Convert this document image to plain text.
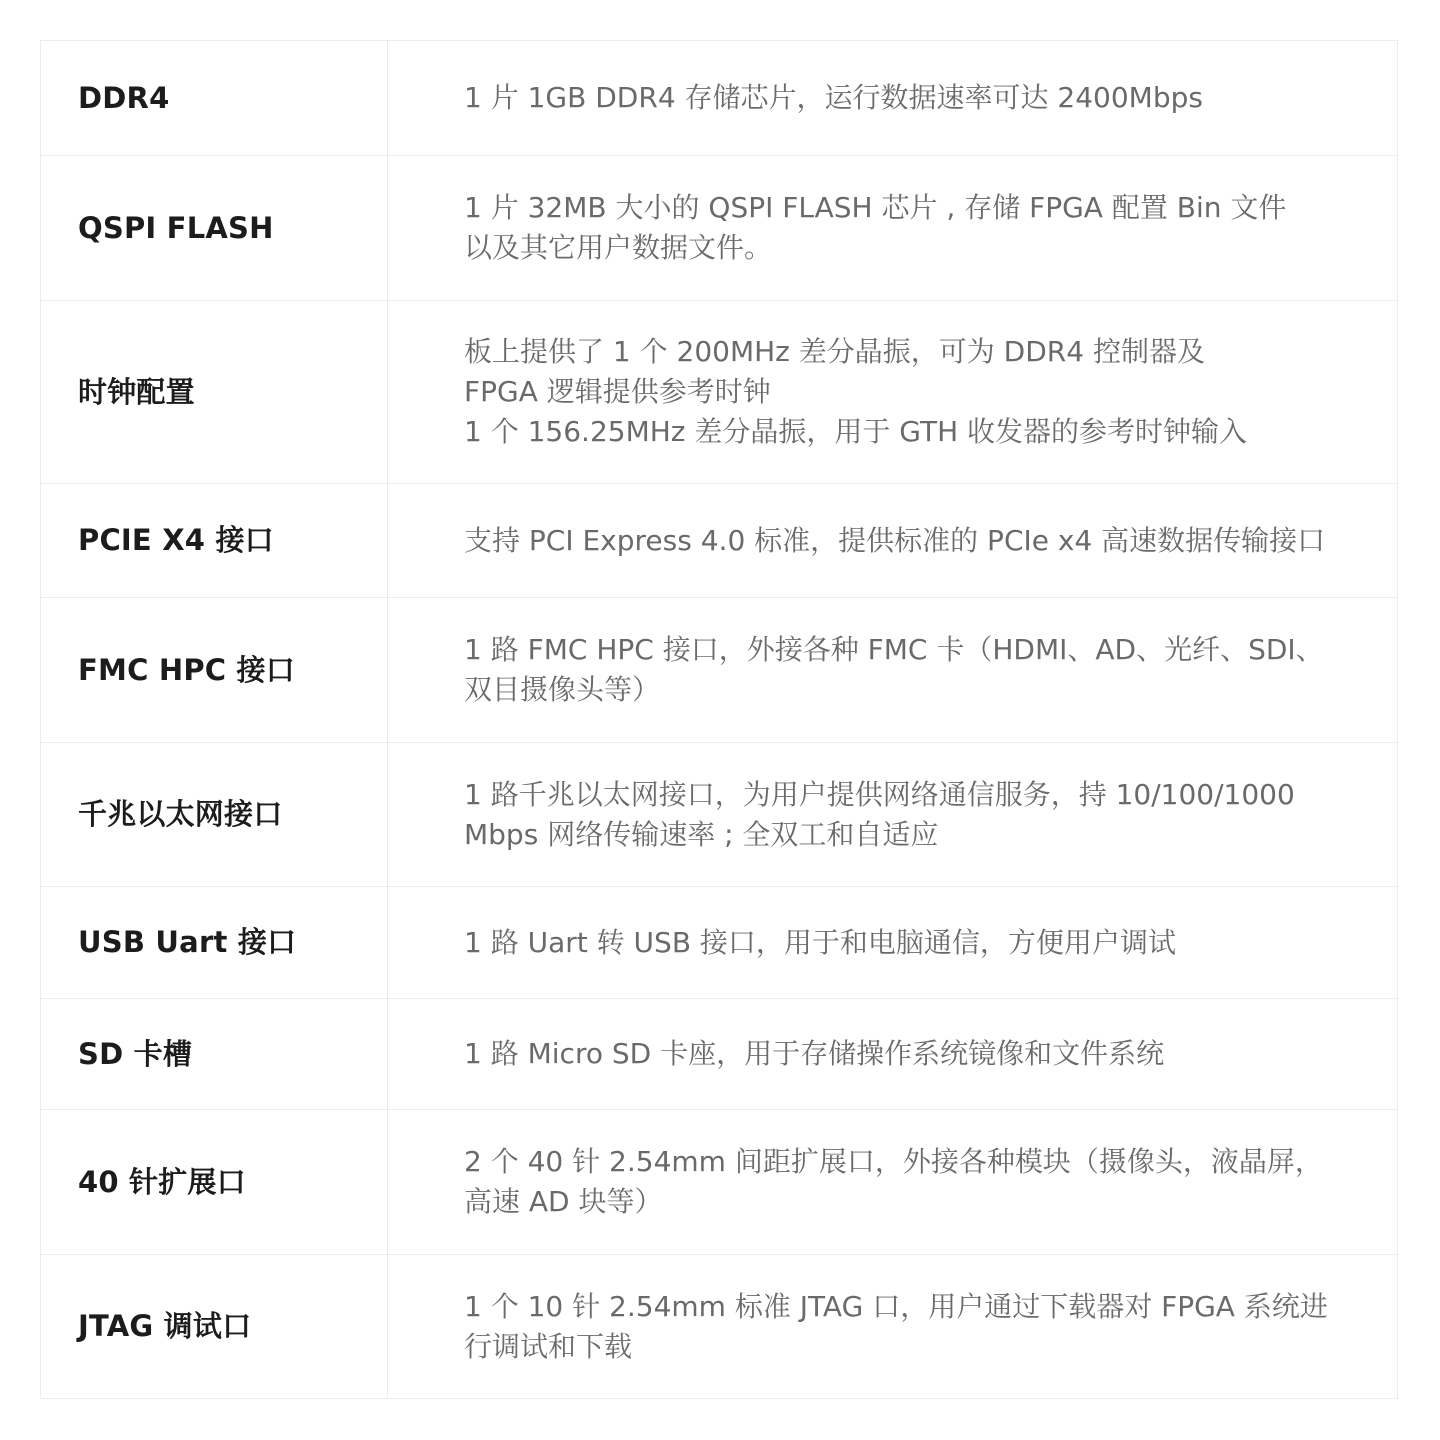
DDR4	1 片 1GB DDR4 存储芯片，运行数据速率可达 2400Mbps
QSPI FLASH	1 片 32MB 大小的 QSPI FLASH 芯片 , 存储 FPGA 配置 Bin 文件
以及其它用户数据文件。
时钟配置	板上提供了 1 个 200MHz 差分晶振，可为 DDR4 控制器及
FPGA 逻辑提供参考时钟
1 个 156.25MHz 差分晶振，用于 GTH 收发器的参考时钟输入
PCIE X4 接口	支持 PCI Express 4.0 标准，提供标准的 PCIe x4 高速数据传输接口
FMC HPC 接口	1 路 FMC HPC 接口，外接各种 FMC 卡（HDMI、AD、光纤、SDI、
双目摄像头等）
千兆以太网接口	1 路千兆以太网接口，为用户提供网络通信服务，持 10/100/1000
Mbps 网络传输速率 ; 全双工和自适应
USB Uart 接口	1 路 Uart 转 USB 接口，用于和电脑通信，方便用户调试
SD 卡槽	1 路 Micro SD 卡座，用于存储操作系统镜像和文件系统
40 针扩展口	2 个 40 针 2.54mm 间距扩展口，外接各种模块（摄像头，液晶屏，
高速 AD 块等）
JTAG 调试口	1 个 10 针 2.54mm 标准 JTAG 口，用户通过下载器对 FPGA 系统进
行调试和下载
